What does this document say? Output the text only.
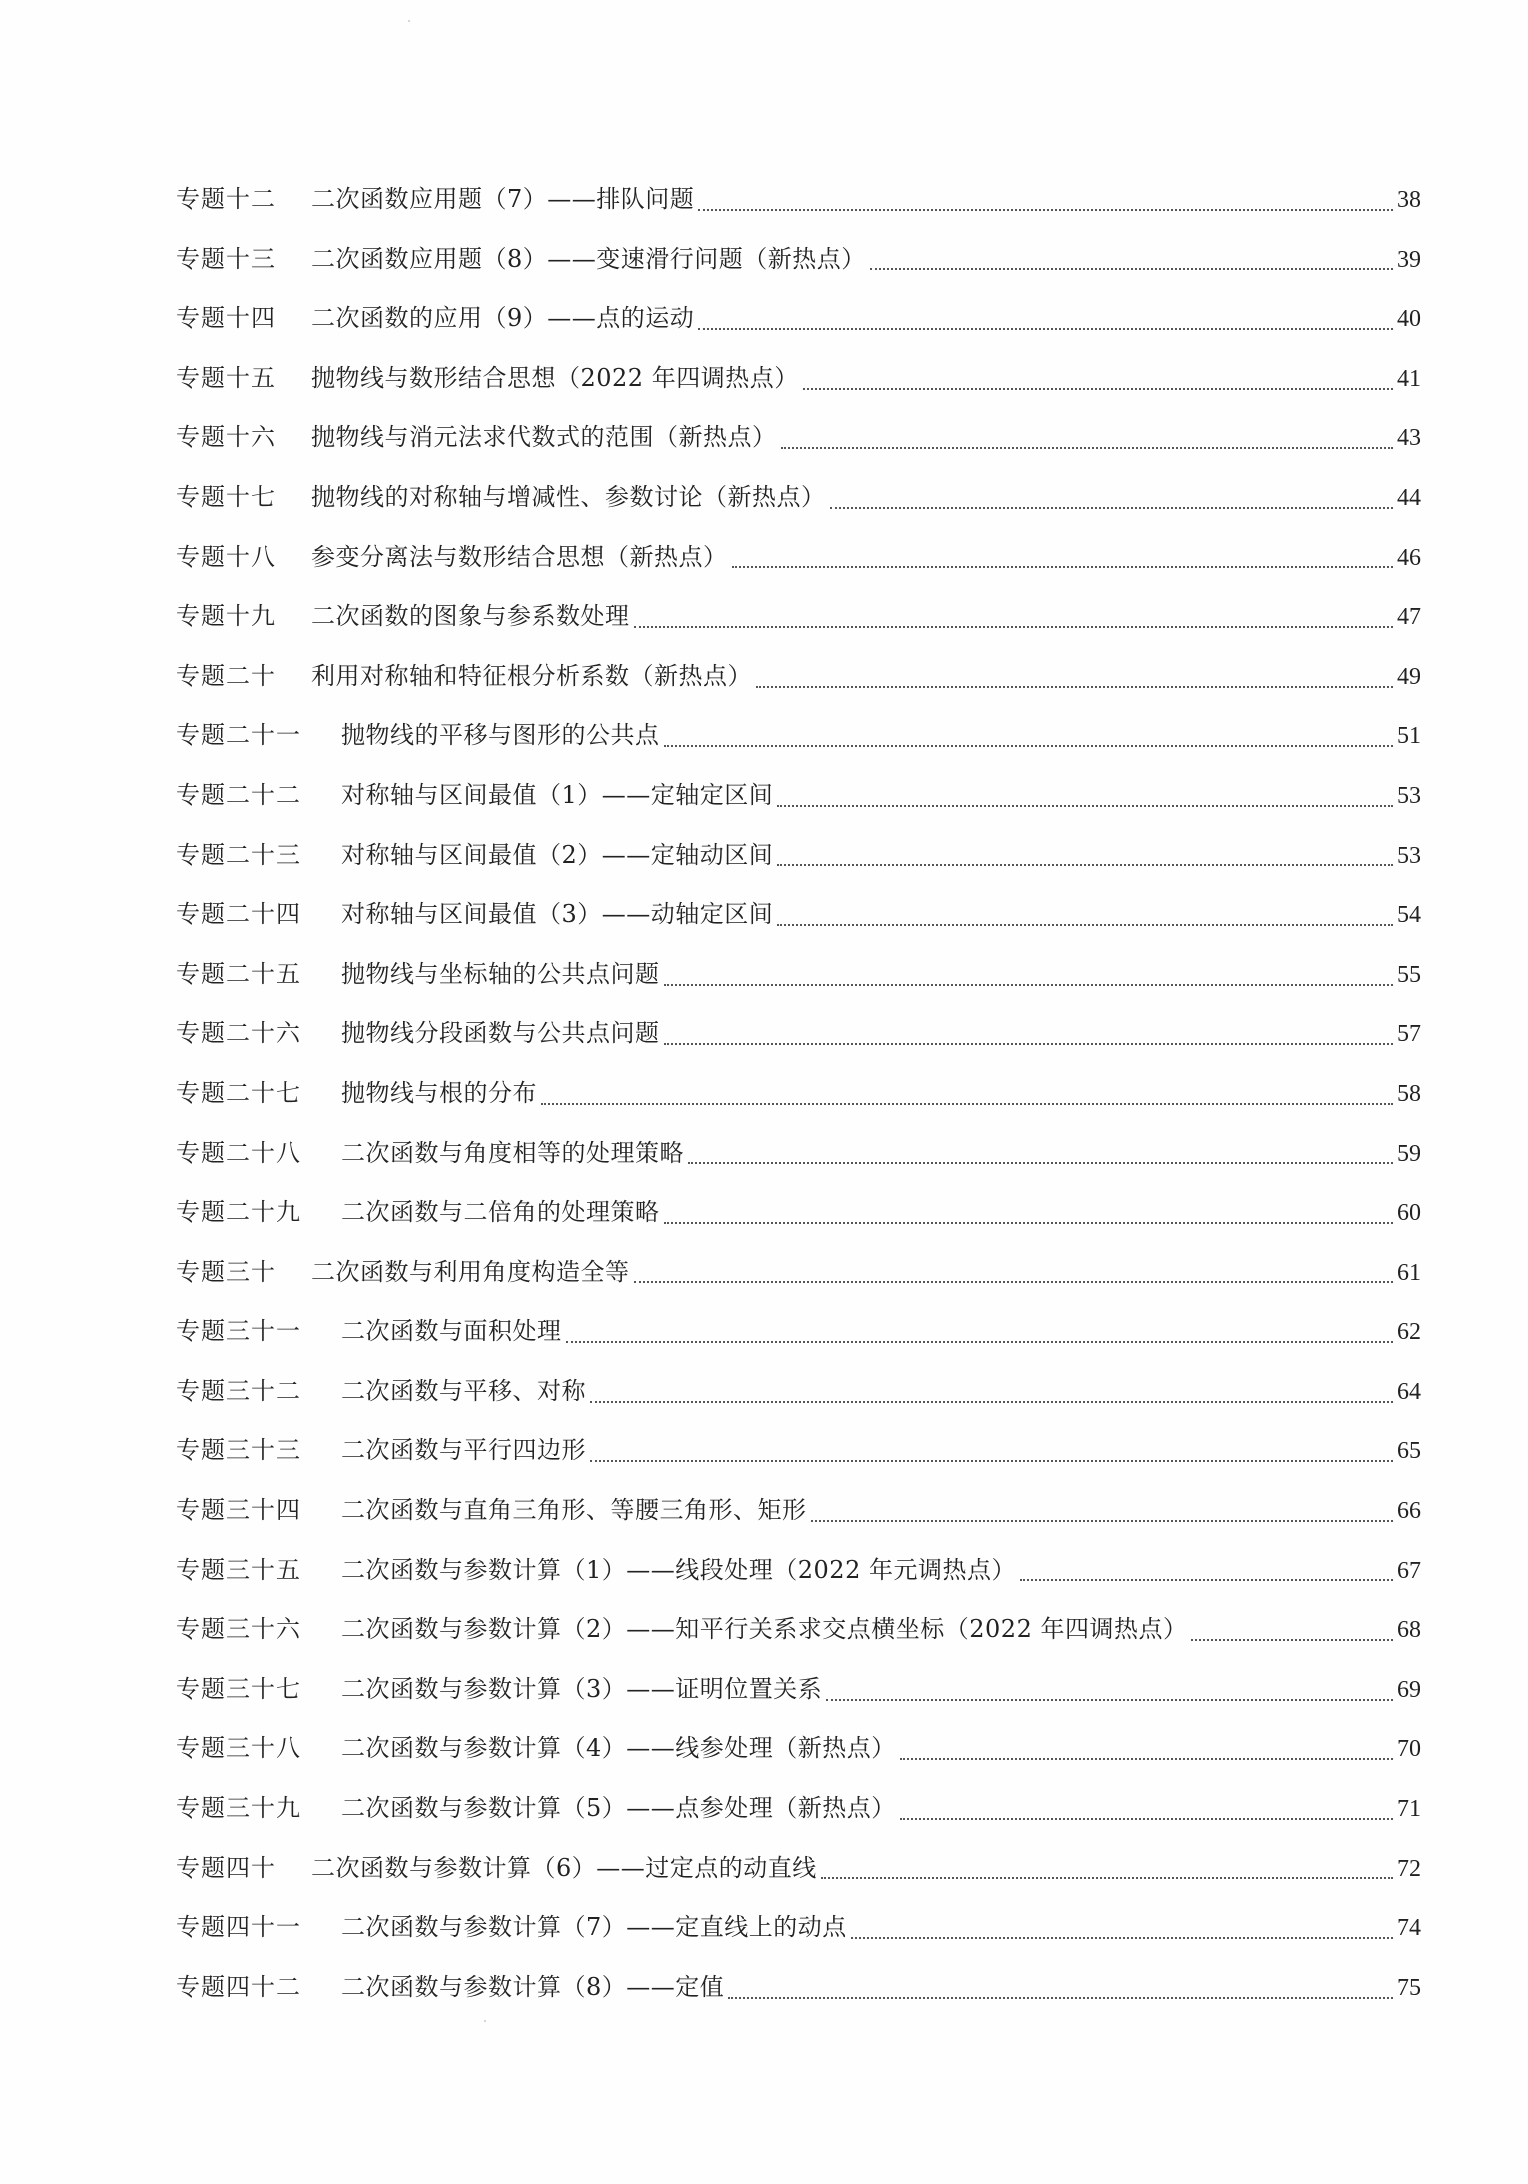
专题十二	二次函数应用题（7）——排队问题	38
专题十三	二次函数应用题（8）——变速滑行问题（新热点）	39
专题十四	二次函数的应用（9）——点的运动	40
专题十五	抛物线与数形结合思想（2022 年四调热点）	41
专题十六	抛物线与消元法求代数式的范围（新热点）	43
专题十七	抛物线的对称轴与增减性、参数讨论（新热点）	44
专题十八	参变分离法与数形结合思想（新热点）	46
专题十九	二次函数的图象与参系数处理	47
专题二十	利用对称轴和特征根分析系数（新热点）	49
专题二十一	抛物线的平移与图形的公共点	51
专题二十二	对称轴与区间最值（1）——定轴定区间	53
专题二十三	对称轴与区间最值（2）——定轴动区间	53
专题二十四	对称轴与区间最值（3）——动轴定区间	54
专题二十五	抛物线与坐标轴的公共点问题	55
专题二十六	抛物线分段函数与公共点问题	57
专题二十七	抛物线与根的分布	58
专题二十八	二次函数与角度相等的处理策略	59
专题二十九	二次函数与二倍角的处理策略	60
专题三十	二次函数与利用角度构造全等	61
专题三十一	二次函数与面积处理	62
专题三十二	二次函数与平移、对称	64
专题三十三	二次函数与平行四边形	65
专题三十四	二次函数与直角三角形、等腰三角形、矩形	66
专题三十五	二次函数与参数计算（1）——线段处理（2022 年元调热点）	67
专题三十六	二次函数与参数计算（2）——知平行关系求交点横坐标（2022 年四调热点）	68
专题三十七	二次函数与参数计算（3）——证明位置关系	69
专题三十八	二次函数与参数计算（4）——线参处理（新热点）	70
专题三十九	二次函数与参数计算（5）——点参处理（新热点）	71
专题四十	二次函数与参数计算（6）——过定点的动直线	72
专题四十一	二次函数与参数计算（7）——定直线上的动点	74
专题四十二	二次函数与参数计算（8）——定值	75
